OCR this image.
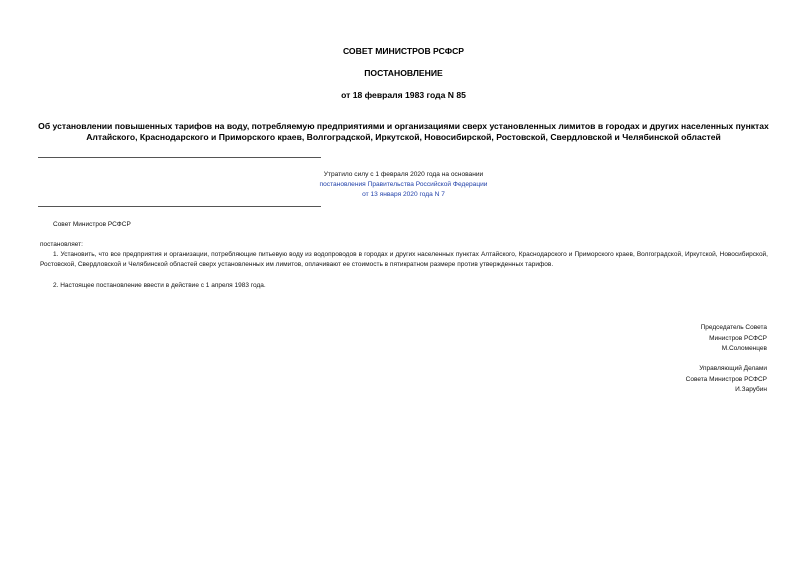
СОВЕТ МИНИСТРОВ РСФСР
ПОСТАНОВЛЕНИЕ
от 18 февраля 1983 года N 85
Об установлении повышенных тарифов на воду, потребляемую предприятиями и организациями сверх установленных лимитов в городах и других населенных пунктах Алтайского, Краснодарского и Приморского краев, Волгоградской, Иркутской, Новосибирской, Ростовской, Свердловской и Челябинской областей
Утратило силу с 1 февраля 2020 года на основании
постановления Правительства Российской Федерации
от 13 января 2020 года N 7
Совет Министров РСФСР
постановляет:
1. Установить, что все предприятия и организации, потребляющие питьевую воду из водопроводов в городах и других населенных пунктах Алтайского, Краснодарского и Приморского краев, Волгоградской, Иркутской, Новосибирской, Ростовской, Свердловской и Челябинской областей сверх установленных им лимитов, оплачивают ее стоимость в пятикратном размере против утвержденных тарифов.
2. Настоящее постановление ввести в действие с 1 апреля 1983 года.
Председатель Совета
Министров РСФСР
М.Соломенцев
Управляющий Делами
Совета Министров РСФСР
И.Зарубин
